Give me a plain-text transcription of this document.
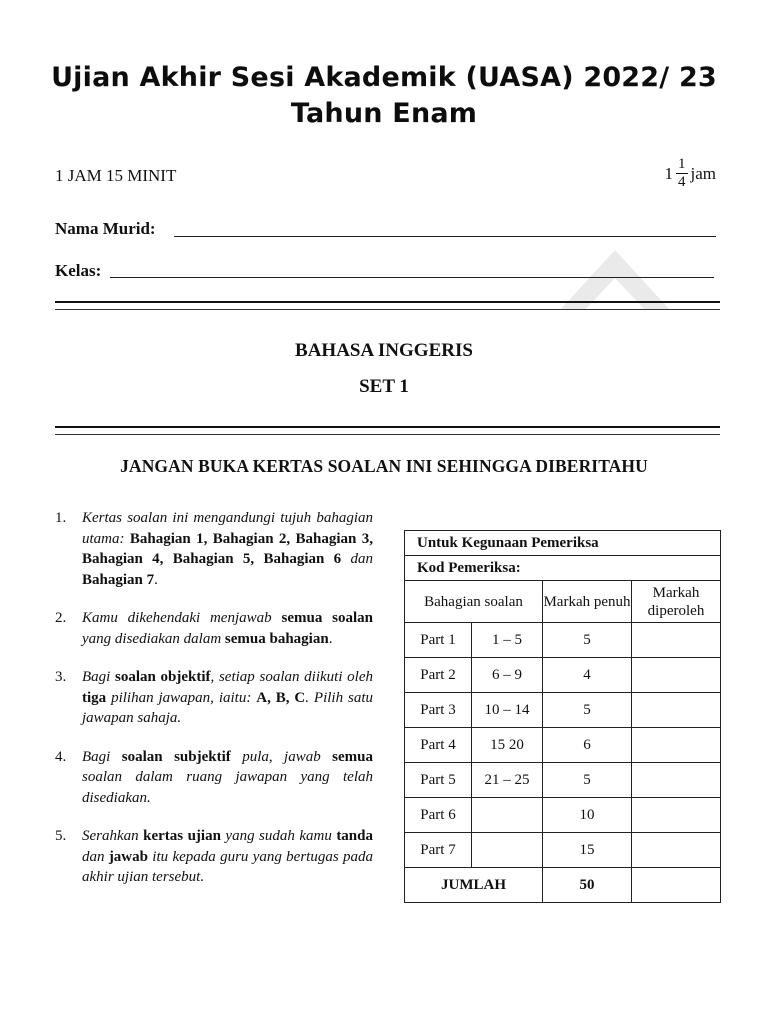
Ujian Akhir Sesi Akademik (UASA) 2022/ 23
Tahun Enam
1 JAM 15 MINIT	$1 \frac{1}{4}$ jam
Nama Murid:
Kelas:
BAHASA INGGERIS
SET 1
JANGAN BUKA KERTAS SOALAN INI SEHINGGA DIBERITAHU
1. Kertas soalan ini mengandungi tujuh bahagian utama: Bahagian 1, Bahagian 2, Bahagian 3, Bahagian 4, Bahagian 5, Bahagian 6 dan Bahagian 7.
2. Kamu dikehendaki menjawab semua soalan yang disediakan dalam semua bahagian.
3. Bagi soalan objektif, setiap soalan diikuti oleh tiga pilihan jawapan, iaitu: A, B, C. Pilih satu jawapan sahaja.
4. Bagi soalan subjektif pula, jawab semua soalan dalam ruang jawapan yang telah disediakan.
5. Serahkan kertas ujian yang sudah kamu tanda dan jawab itu kepada guru yang bertugas pada akhir ujian tersebut.
Untuk Kegunaan Pemeriksa			
Kod Pemeriksa:			
Bahagian soalan		Markah penuh	Markah diperoleh
Part 1	1 – 5	5	
Part 2	6 – 9	4	
Part 3	10 – 14	5	
Part 4	15 20	6	
Part 5	21 – 25	5	
Part 6		10	
Part 7		15	
JUMLAH		50	
